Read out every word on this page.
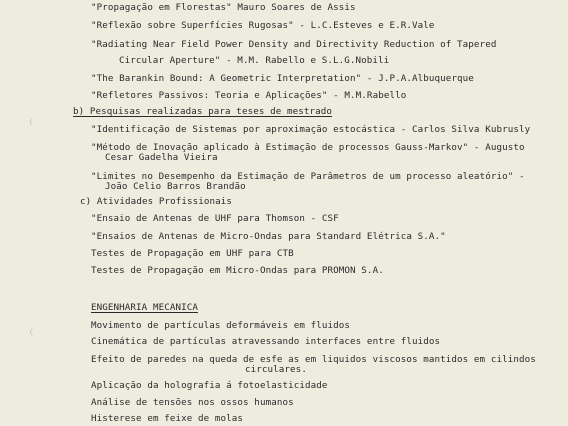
"Propagação em Florestas" Mauro Soares de Assis
"Reflexão sobre Superfícies Rugosas" - L.C.Esteves e E.R.Vale
"Radiating Near Field Power Density and Directivity Reduction of Tapered
Circular Aperture" - M.M. Rabello e S.L.G.Nobili
"The Barankin Bound: A Geometric Interpretation" - J.P.A.Albuquerque
"Refletores Passivos: Teoria e Aplicações" - M.M.Rabello
b) Pesquisas realizadas para teses de mestrado
"Identificação de Sistemas por aproximação estocástica - Carlos Silva Kubrusly
"Método de Inovação aplicado à Estimação de processos Gauss-Markov" - Augusto
Cesar Gadelha Vieira
"Limites no Desempenho da Estimação de Parâmetros de um processo aleatório" -
João Celio Barros Brandão
c) Atividades Profissionais
"Ensaio de Antenas de UHF para Thomson - CSF
"Ensaios de Antenas de Micro-Ondas para Standard Elétrica S.A."
Testes de Propagação em UHF para CTB
Testes de Propagação em Micro-Ondas para PROMON S.A.
ENGENHARIA MECANICA
Movimento de partículas deformáveis em fluidos
Cinemática de partículas atravessando interfaces entre fluidos
Efeito de paredes na queda de esfe as em liquidos viscosos mantidos em cilindos
circulares.
Aplicação da holografia á fotoelasticidade
Análise de tensões nos ossos humanos
Histerese em feixe de molas
